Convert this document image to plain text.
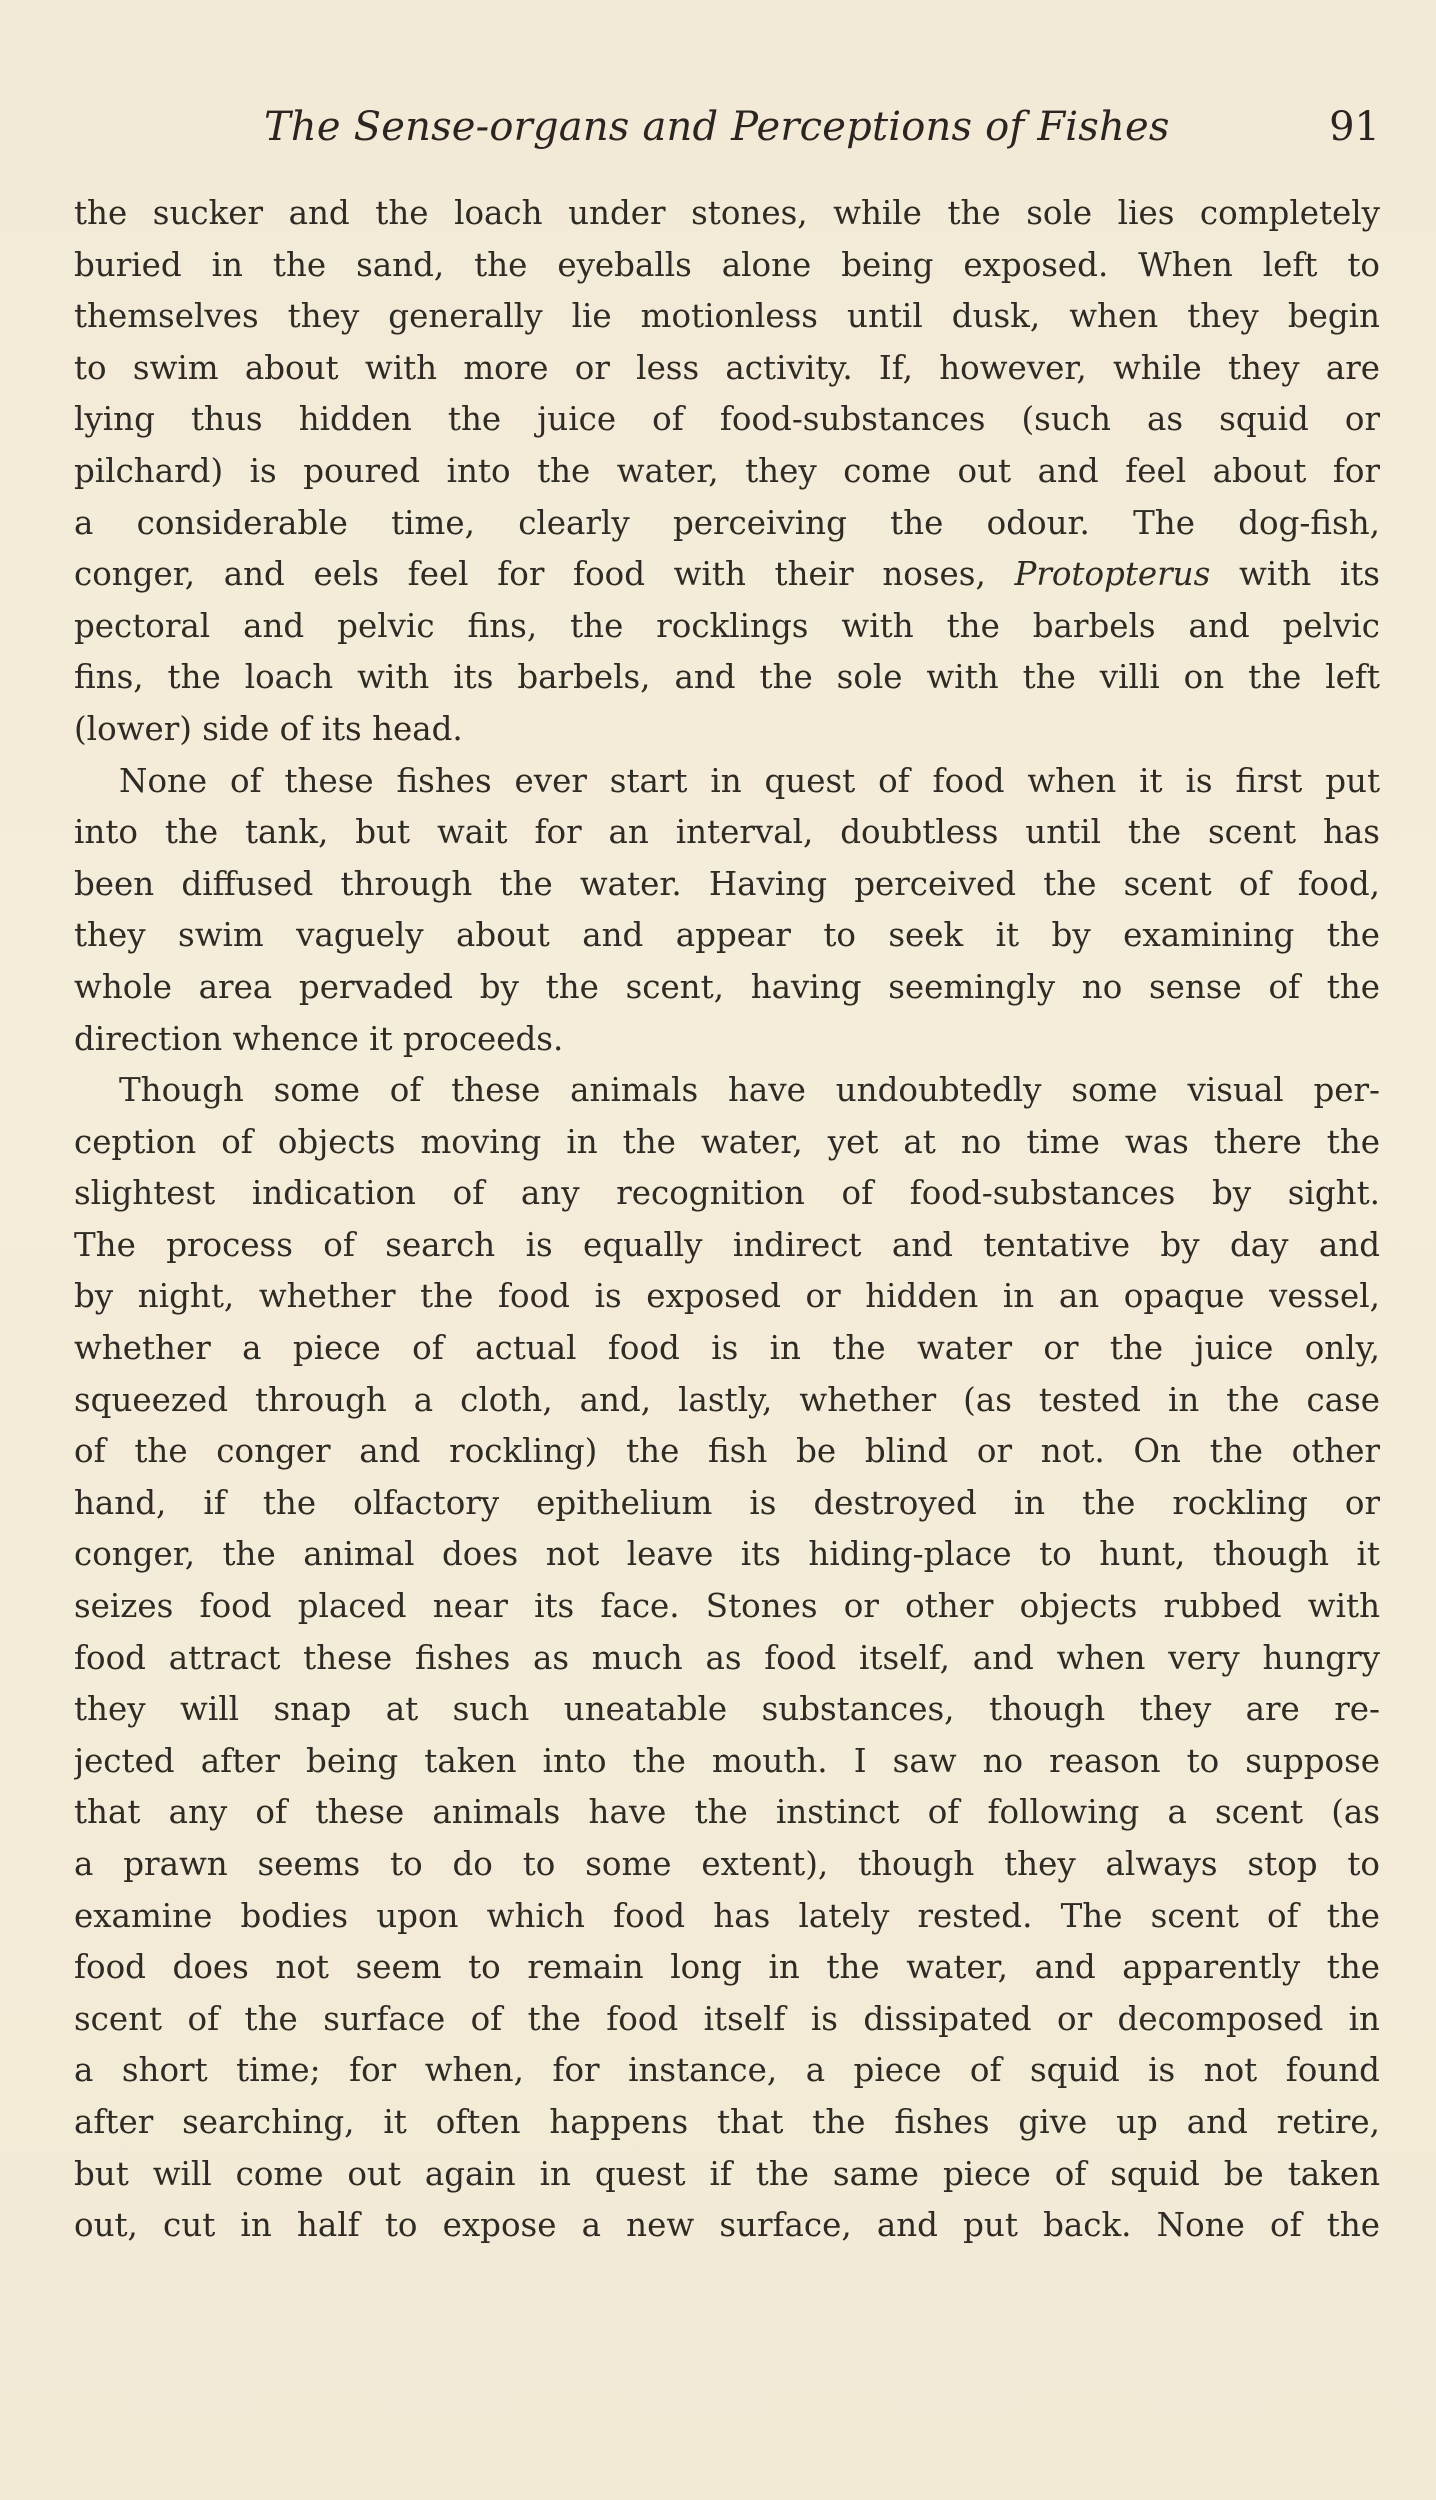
The Sense-organs and Perceptions of Fishes	91
the sucker and the loach under stones, while the sole lies completely
buried in the sand, the eyeballs alone being exposed. When left to
themselves they generally lie motionless until dusk, when they begin
to swim about with more or less activity. If, however, while they are
lying thus hidden the juice of food-substances (such as squid or
pilchard) is poured into the water, they come out and feel about for
a considerable time, clearly perceiving the odour. The dog-fish,
conger, and eels feel for food with their noses, Protopterus with its
pectoral and pelvic fins, the rocklings with the barbels and pelvic
fins, the loach with its barbels, and the sole with the villi on the left
(lower) side of its head.
None of these fishes ever start in quest of food when it is first put
into the tank, but wait for an interval, doubtless until the scent has
been diffused through the water. Having perceived the scent of food,
they swim vaguely about and appear to seek it by examining the
whole area pervaded by the scent, having seemingly no sense of the
direction whence it proceeds.
Though some of these animals have undoubtedly some visual per-
ception of objects moving in the water, yet at no time was there the
slightest indication of any recognition of food-substances by sight.
The process of search is equally indirect and tentative by day and
by night, whether the food is exposed or hidden in an opaque vessel,
whether a piece of actual food is in the water or the juice only,
squeezed through a cloth, and, lastly, whether (as tested in the case
of the conger and rockling) the fish be blind or not. On the other
hand, if the olfactory epithelium is destroyed in the rockling or
conger, the animal does not leave its hiding-place to hunt, though it
seizes food placed near its face. Stones or other objects rubbed with
food attract these fishes as much as food itself, and when very hungry
they will snap at such uneatable substances, though they are re-
jected after being taken into the mouth. I saw no reason to suppose
that any of these animals have the instinct of following a scent (as
a prawn seems to do to some extent), though they always stop to
examine bodies upon which food has lately rested. The scent of the
food does not seem to remain long in the water, and apparently the
scent of the surface of the food itself is dissipated or decomposed in
a short time; for when, for instance, a piece of squid is not found
after searching, it often happens that the fishes give up and retire,
but will come out again in quest if the same piece of squid be taken
out, cut in half to expose a new surface, and put back. None of the
